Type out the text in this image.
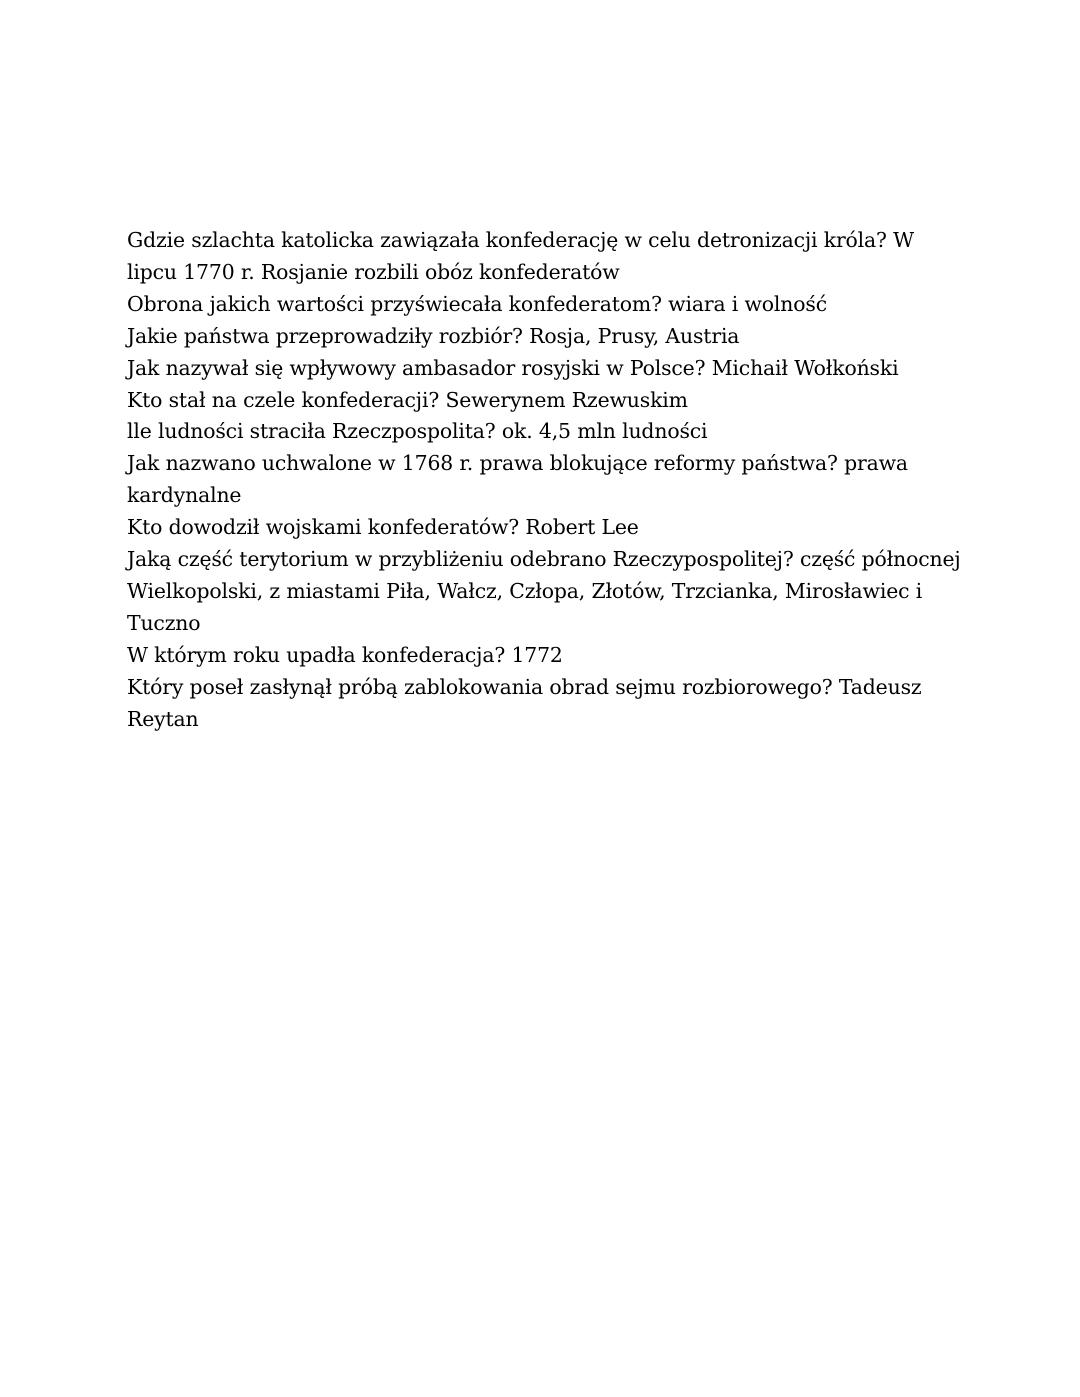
Gdzie szlachta katolicka zawiązała konfederację w celu detronizacji króla? W
lipcu 1770 r. Rosjanie rozbili obóz konfederatów
Obrona jakich wartości przyświecała konfederatom? wiara i wolność
Jakie państwa przeprowadziły rozbiór? Rosja, Prusy, Austria
Jak nazywał się wpływowy ambasador rosyjski w Polsce? Michaił Wołkoński
Kto stał na czele konfederacji? Sewerynem Rzewuskim
lle ludności straciła Rzeczpospolita? ok. 4,5 mln ludności
Jak nazwano uchwalone w 1768 r. prawa blokujące reformy państwa? prawa
kardynalne
Kto dowodził wojskami konfederatów? Robert Lee
Jaką część terytorium w przybliżeniu odebrano Rzeczypospolitej? część północnej
Wielkopolski, z miastami Piła, Wałcz, Człopa, Złotów, Trzcianka, Mirosławiec i
Tuczno
W którym roku upadła konfederacja? 1772
Który poseł zasłynął próbą zablokowania obrad sejmu rozbiorowego? Tadeusz
Reytan
